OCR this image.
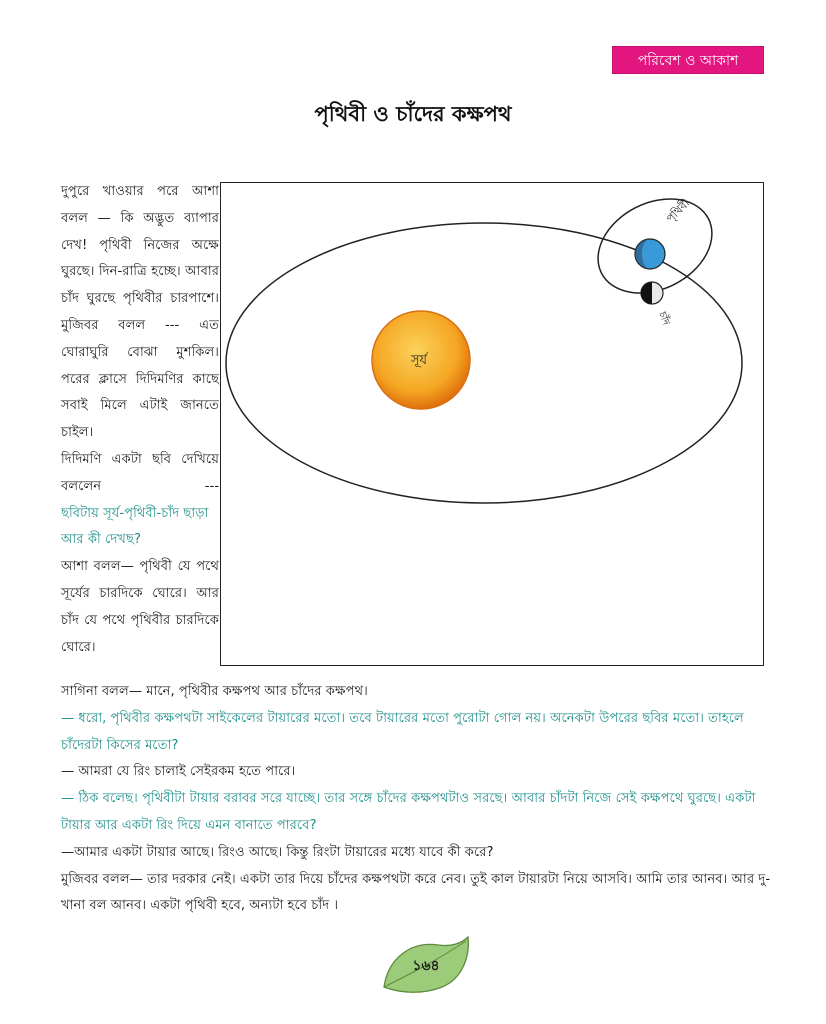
পরিবেশ ও আকাশ
পৃথিবী ও চাঁদের কক্ষপথ
সূর্য
পৃথিবী
চাঁদ

দুপুরে খাওয়ার পরে আশা বলল — কি অদ্ভুত ব্যাপার দেখ! পৃথিবী নিজের অক্ষে ঘুরছে। দিন-রাত্রি হচ্ছে। আবার চাঁদ ঘুরছে পৃথিবীর চারপাশে।

মুজিবর বলল --- এত ঘোরাঘুরি বোঝা মুশকিল। পরের ক্লাসে দিদিমণির কাছে সবাই মিলে এটাই জানতে চাইল।

দিদিমণি একটা ছবি দেখিয়ে বললেন ---

ছবিটায় সূর্য-পৃথিবী-চাঁদ ছাড়া আর কী দেখছ?

আশা বলল— পৃথিবী যে পথে সূর্যের চারদিকে ঘোরে। আর চাঁদ যে পথে পৃথিবীর চারদিকে ঘোরে।

সাগিনা বলল— মানে, পৃথিবীর কক্ষপথ আর চাঁদের কক্ষপথ।

— ধরো, পৃথিবীর কক্ষপথটা সাইকেলের টায়ারের মতো। তবে টায়ারের মতো পুরোটা গোল নয়। অনেকটা উপরের ছবির মতো। তাহলে চাঁদেরটা কিসের মতো?

— আমরা যে রিং চালাই সেইরকম হতে পারে।

— ঠিক বলেছ। পৃথিবীটা টায়ার বরাবর সরে যাচ্ছে। তার সঙ্গে চাঁদের কক্ষপথটাও সরছে। আবার চাঁদটা নিজে সেই কক্ষপথে ঘুরছে। একটা টায়ার আর একটা রিং দিয়ে এমন বানাতে পারবে?

—আমার একটা টায়ার আছে। রিংও আছে। কিন্তু রিংটা টায়ারের মধ্যে যাবে কী করে?

মুজিবর বলল— তার দরকার নেই। একটা তার দিয়ে চাঁদের কক্ষপথটা করে নেব। তুই কাল টায়ারটা নিয়ে আসবি। আমি তার আনব। আর দু-খানা বল আনব। একটা পৃথিবী হবে, অন্যটা হবে চাঁদ ।

১৬৪
